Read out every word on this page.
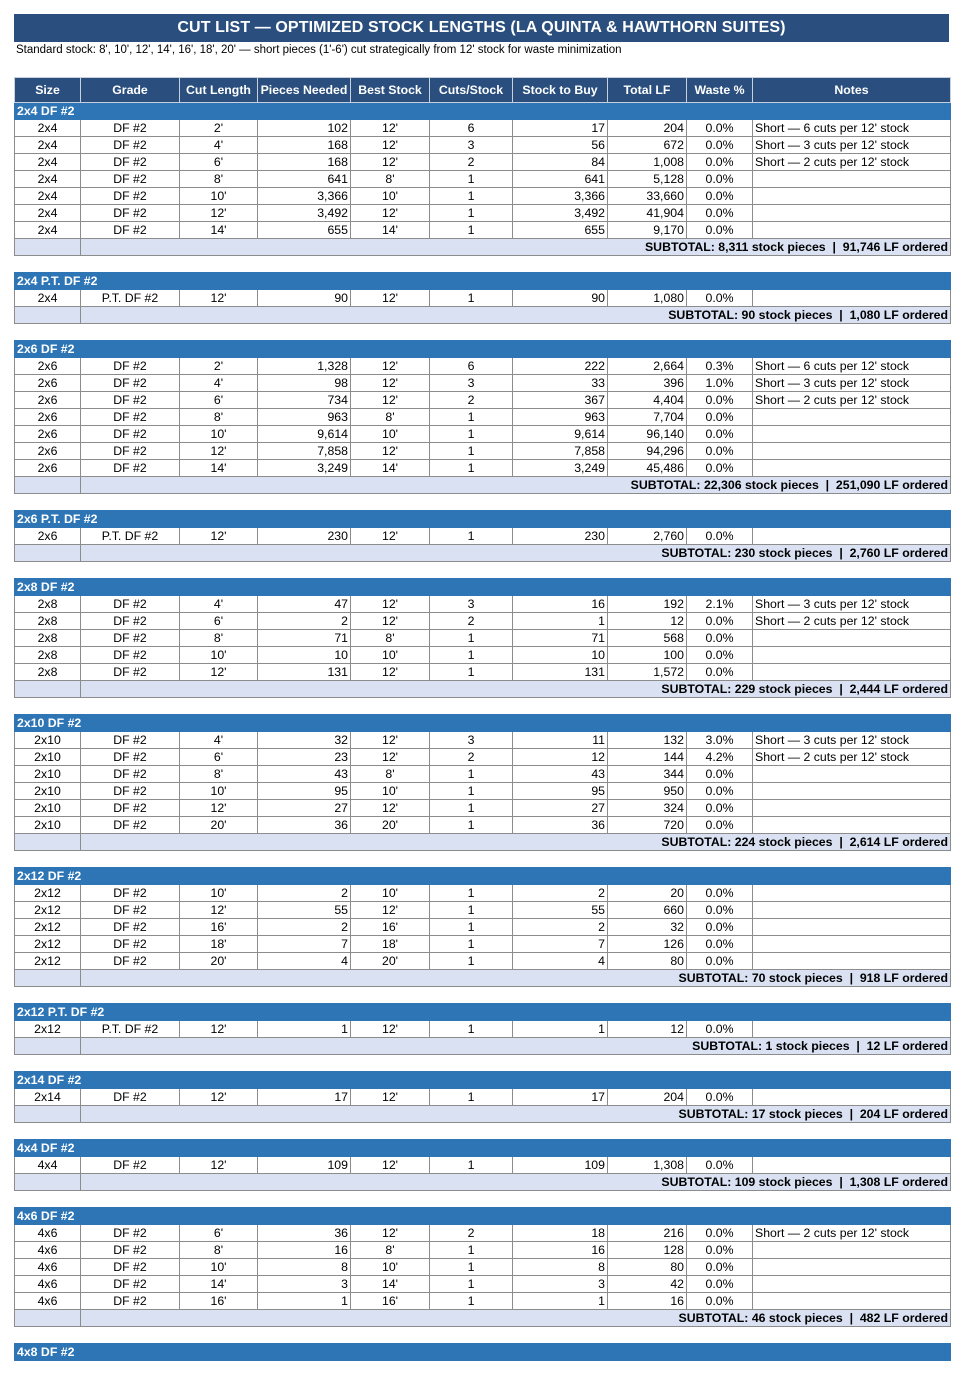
CUT LIST — OPTIMIZED STOCK LENGTHS (LA QUINTA & HAWTHORN SUITES)
Standard stock: 8', 10', 12', 14', 16', 18', 20' — short pieces (1'-6') cut strategically from 12' stock for waste minimization
Size	Grade	Cut Length	Pieces Needed	Best Stock	Cuts/Stock	Stock to Buy	Total LF	Waste %	Notes
2x4 DF #2									
2x4	DF #2	2'	102	12'	6	17	204	0.0%	Short — 6 cuts per 12' stock
2x4	DF #2	4'	168	12'	3	56	672	0.0%	Short — 3 cuts per 12' stock
2x4	DF #2	6'	168	12'	2	84	1,008	0.0%	Short — 2 cuts per 12' stock
2x4	DF #2	8'	641	8'	1	641	5,128	0.0%	
2x4	DF #2	10'	3,366	10'	1	3,366	33,660	0.0%	
2x4	DF #2	12'	3,492	12'	1	3,492	41,904	0.0%	
2x4	DF #2	14'	655	14'	1	655	9,170	0.0%	
	SUBTOTAL: 8,311 stock pieces  |  91,746 LF ordered								

2x4 P.T. DF #2									
2x4	P.T. DF #2	12'	90	12'	1	90	1,080	0.0%	
	SUBTOTAL: 90 stock pieces  |  1,080 LF ordered								

2x6 DF #2									
2x6	DF #2	2'	1,328	12'	6	222	2,664	0.3%	Short — 6 cuts per 12' stock
2x6	DF #2	4'	98	12'	3	33	396	1.0%	Short — 3 cuts per 12' stock
2x6	DF #2	6'	734	12'	2	367	4,404	0.0%	Short — 2 cuts per 12' stock
2x6	DF #2	8'	963	8'	1	963	7,704	0.0%	
2x6	DF #2	10'	9,614	10'	1	9,614	96,140	0.0%	
2x6	DF #2	12'	7,858	12'	1	7,858	94,296	0.0%	
2x6	DF #2	14'	3,249	14'	1	3,249	45,486	0.0%	
	SUBTOTAL: 22,306 stock pieces  |  251,090 LF ordered								

2x6 P.T. DF #2									
2x6	P.T. DF #2	12'	230	12'	1	230	2,760	0.0%	
	SUBTOTAL: 230 stock pieces  |  2,760 LF ordered								

2x8 DF #2									
2x8	DF #2	4'	47	12'	3	16	192	2.1%	Short — 3 cuts per 12' stock
2x8	DF #2	6'	2	12'	2	1	12	0.0%	Short — 2 cuts per 12' stock
2x8	DF #2	8'	71	8'	1	71	568	0.0%	
2x8	DF #2	10'	10	10'	1	10	100	0.0%	
2x8	DF #2	12'	131	12'	1	131	1,572	0.0%	
	SUBTOTAL: 229 stock pieces  |  2,444 LF ordered								

2x10 DF #2									
2x10	DF #2	4'	32	12'	3	11	132	3.0%	Short — 3 cuts per 12' stock
2x10	DF #2	6'	23	12'	2	12	144	4.2%	Short — 2 cuts per 12' stock
2x10	DF #2	8'	43	8'	1	43	344	0.0%	
2x10	DF #2	10'	95	10'	1	95	950	0.0%	
2x10	DF #2	12'	27	12'	1	27	324	0.0%	
2x10	DF #2	20'	36	20'	1	36	720	0.0%	
	SUBTOTAL: 224 stock pieces  |  2,614 LF ordered								

2x12 DF #2									
2x12	DF #2	10'	2	10'	1	2	20	0.0%	
2x12	DF #2	12'	55	12'	1	55	660	0.0%	
2x12	DF #2	16'	2	16'	1	2	32	0.0%	
2x12	DF #2	18'	7	18'	1	7	126	0.0%	
2x12	DF #2	20'	4	20'	1	4	80	0.0%	
	SUBTOTAL: 70 stock pieces  |  918 LF ordered								

2x12 P.T. DF #2									
2x12	P.T. DF #2	12'	1	12'	1	1	12	0.0%	
	SUBTOTAL: 1 stock pieces  |  12 LF ordered								

2x14 DF #2									
2x14	DF #2	12'	17	12'	1	17	204	0.0%	
	SUBTOTAL: 17 stock pieces  |  204 LF ordered								

4x4 DF #2									
4x4	DF #2	12'	109	12'	1	109	1,308	0.0%	
	SUBTOTAL: 109 stock pieces  |  1,308 LF ordered								

4x6 DF #2									
4x6	DF #2	6'	36	12'	2	18	216	0.0%	Short — 2 cuts per 12' stock
4x6	DF #2	8'	16	8'	1	16	128	0.0%	
4x6	DF #2	10'	8	10'	1	8	80	0.0%	
4x6	DF #2	14'	3	14'	1	3	42	0.0%	
4x6	DF #2	16'	1	16'	1	1	16	0.0%	
	SUBTOTAL: 46 stock pieces  |  482 LF ordered								

4x8 DF #2									
